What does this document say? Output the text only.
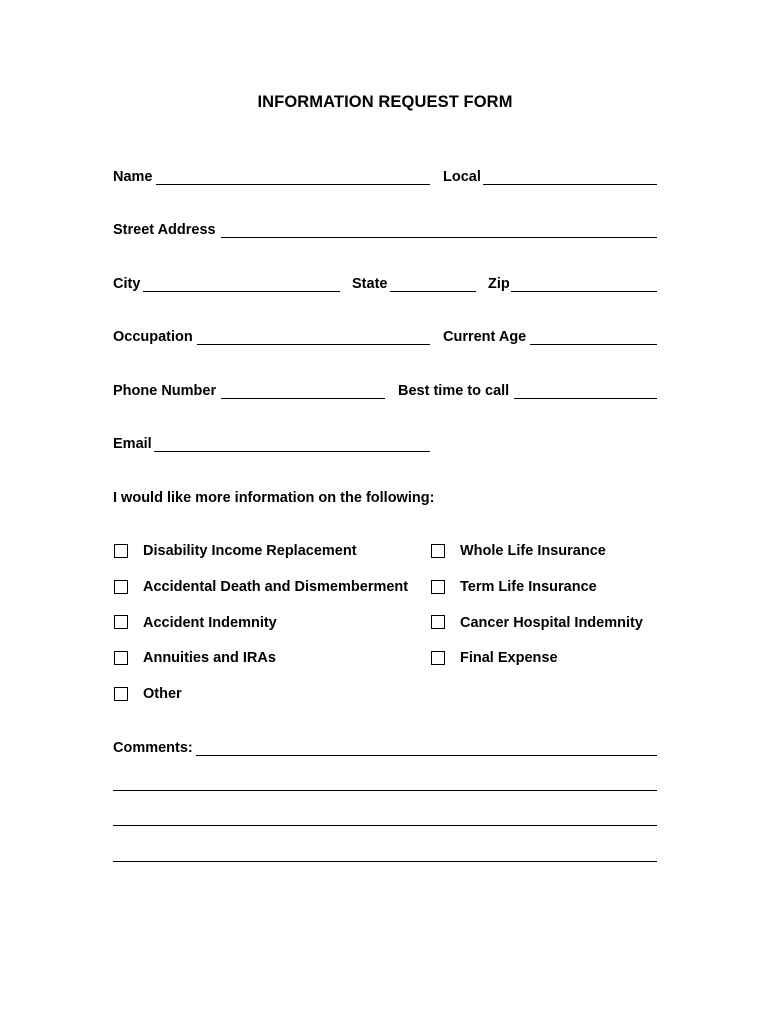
INFORMATION REQUEST FORM
Name	Local
Street Address
City	State	Zip
Occupation	Current Age
Phone Number	Best time to call
Email
I would like more information on the following:
Disability Income Replacement
Accidental Death and Dismemberment
Accident Indemnity
Annuities and IRAs
Other
Whole Life Insurance
Term Life Insurance
Cancer Hospital Indemnity
Final Expense
Comments:
